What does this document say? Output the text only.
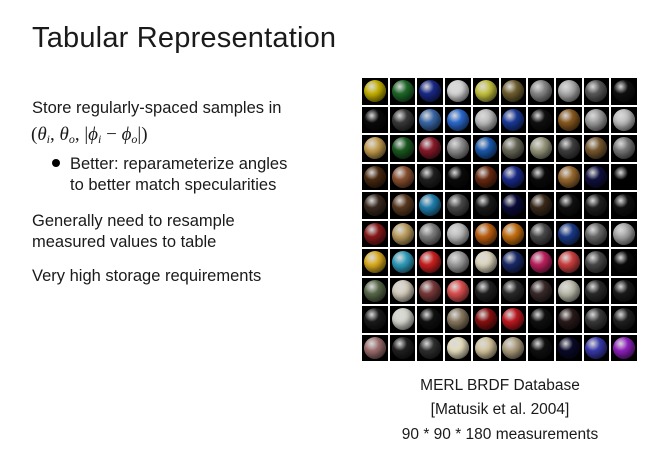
Tabular Representation

Store regularly-spaced samples in

($\theta_i$, $\theta_o$, $|\phi_i - \phi_o|$)

Better: reparameterize angles

to better match specularities

Generally need to resample

measured values to table

Very high storage requirements

MERL BRDF Database

[Matusik et al. 2004]

90 * 90 * 180 measurements
